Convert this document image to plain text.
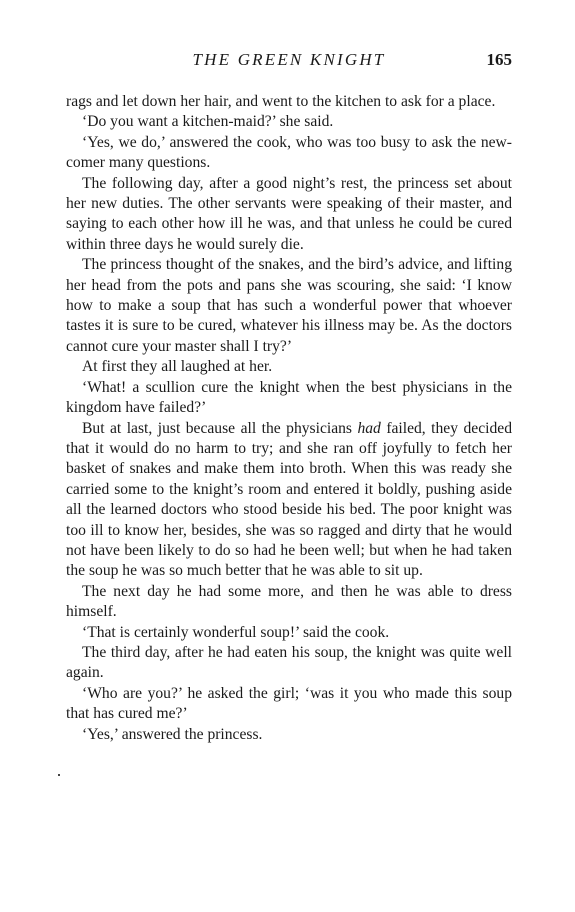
THE GREEN KNIGHT	165

rags and let down her hair, and went to the kitchen to ask for a place.

‘Do you want a kitchen-maid?’ she said.

‘Yes, we do,’ answered the cook, who was too busy to ask the new-comer many questions.

The following day, after a good night’s rest, the princess set about her new duties. The other servants were speaking of their master, and saying to each other how ill he was, and that unless he could be cured within three days he would surely die.

The princess thought of the snakes, and the bird’s advice, and lifting her head from the pots and pans she was scouring, she said: ‘I know how to make a soup that has such a wonderful power that whoever tastes it is sure to be cured, whatever his illness may be. As the doctors cannot cure your master shall I try?’

At first they all laughed at her.

‘What! a scullion cure the knight when the best physicians in the kingdom have failed?’

But at last, just because all the physicians had failed, they decided that it would do no harm to try; and she ran off joyfully to fetch her basket of snakes and make them into broth. When this was ready she carried some to the knight’s room and entered it boldly, pushing aside all the learned doctors who stood beside his bed. The poor knight was too ill to know her, besides, she was so ragged and dirty that he would not have been likely to do so had he been well; but when he had taken the soup he was so much better that he was able to sit up.

The next day he had some more, and then he was able to dress himself.

‘That is certainly wonderful soup!’ said the cook.

The third day, after he had eaten his soup, the knight was quite well again.

‘Who are you?’ he asked the girl; ‘was it you who made this soup that has cured me?’

‘Yes,’ answered the princess.
